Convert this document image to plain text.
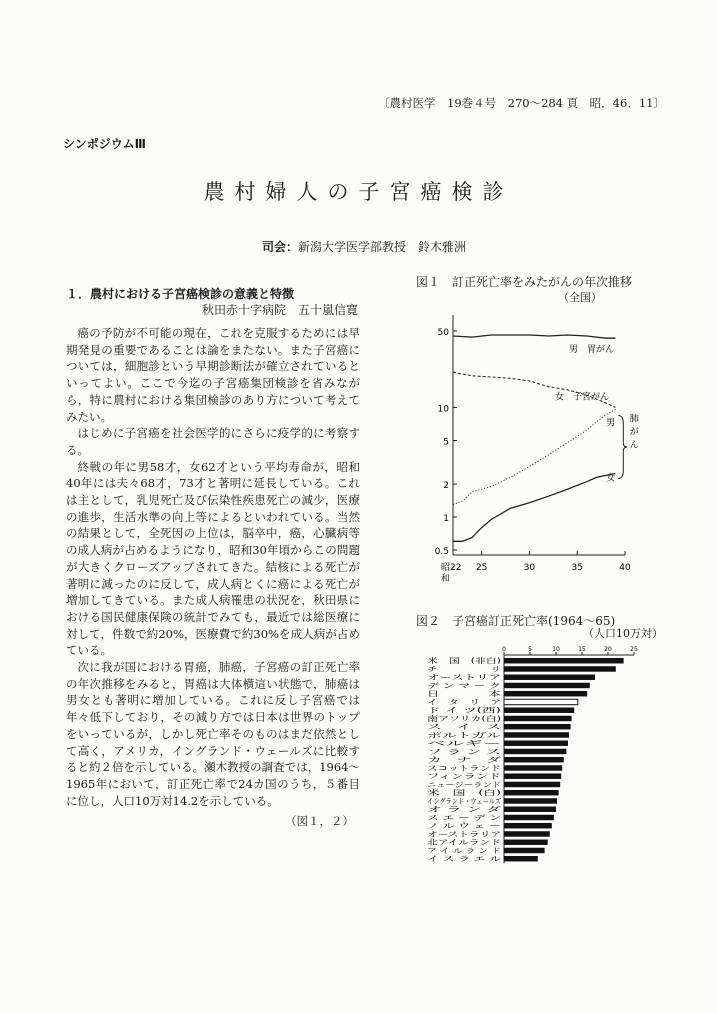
〔農村医学　19巻４号　270～284 頁　昭．46．11〕
シンポジウムⅢ
農村婦人の子宮癌検診
司会：新潟大学医学部教授　鈴木雅洲
１．農村における子宮癌検診の意義と特徴
秋田赤十字病院　五十嵐信寛

癌の予防が不可能の現在，これを克服するためには早期発見の重要であることは論をまたない。また子宮癌については，細胞診という早期診断法が確立されているといってよい。ここで今迄の子宮癌集団検診を省みながら，特に農村における集団検診のあり方について考えてみたい。

はじめに子宮癌を社会医学的にさらに疫学的に考察する。

終戦の年に男58才，女62才という平均寿命が，昭和40年には夫々68才，73才と著明に延長している。これは主として，乳児死亡及び伝染性疾患死亡の減少，医療の進歩，生活水準の向上等によるといわれている。当然の結果として，全死因の上位は，脳卒中，癌，心臓病等の成人病が占めるようになり，昭和30年頃からこの問題が大きくクローズアップされてきた。結核による死亡が著明に減ったのに反して，成人病とくに癌による死亡が増加してきている。また成人病罹患の状況を，秋田県における国民健康保険の統計でみても，最近では総医療に対して，件数で約20%，医療費で約30%を成人病が占めている。

次に我が国における胃癌，肺癌，子宮癌の訂正死亡率の年次推移をみると，胃癌は大体横這い状態で，肺癌は男女とも著明に増加している。これに反し子宮癌では年々低下しており，その減り方では日本は世界のトップをいっているが，しかし死亡率そのものはまだ依然として高く，アメリカ，イングランド・ウェールズに比較すると約２倍を示している。瀬木教授の調査では，1964～1965年において，訂正死亡率で24カ国のうち，５番目に位し，人口10万対14.2を示している。

（図１，２）
図１　訂正死亡率をみたがんの年次推移
（全国）
0.5
1
2
5
10
50
昭22
和
25	30	35	40
男　胃がん
女　子宮がん
男
女
肺
が
ん
図２　子宮癌訂正死亡率(1964～65)
（人口10万対）
0	5	10	15	20	25
米　国　(非白)
チ　　　　　リ
オーストリア
デ ン マ ー ク
日　　　　本
イ　タ　リ　ア
ド イ ツ(西)
南アフリカ(白)
ス　イ　ス
ポルトガル
ベルギー
フ ラ ン ス
カ　ナ　ダ
スコットランド
フィンランド
ニュージーランド
米　国　(白)
イングランド・ウェールズ
オ ラ ン ダ
ス エ ー デ ン
ノ ル ウ ェ ー
オーストラリア
北アイルランド
ア イ ル ラ ン ド
イ ス ラ エ ル
